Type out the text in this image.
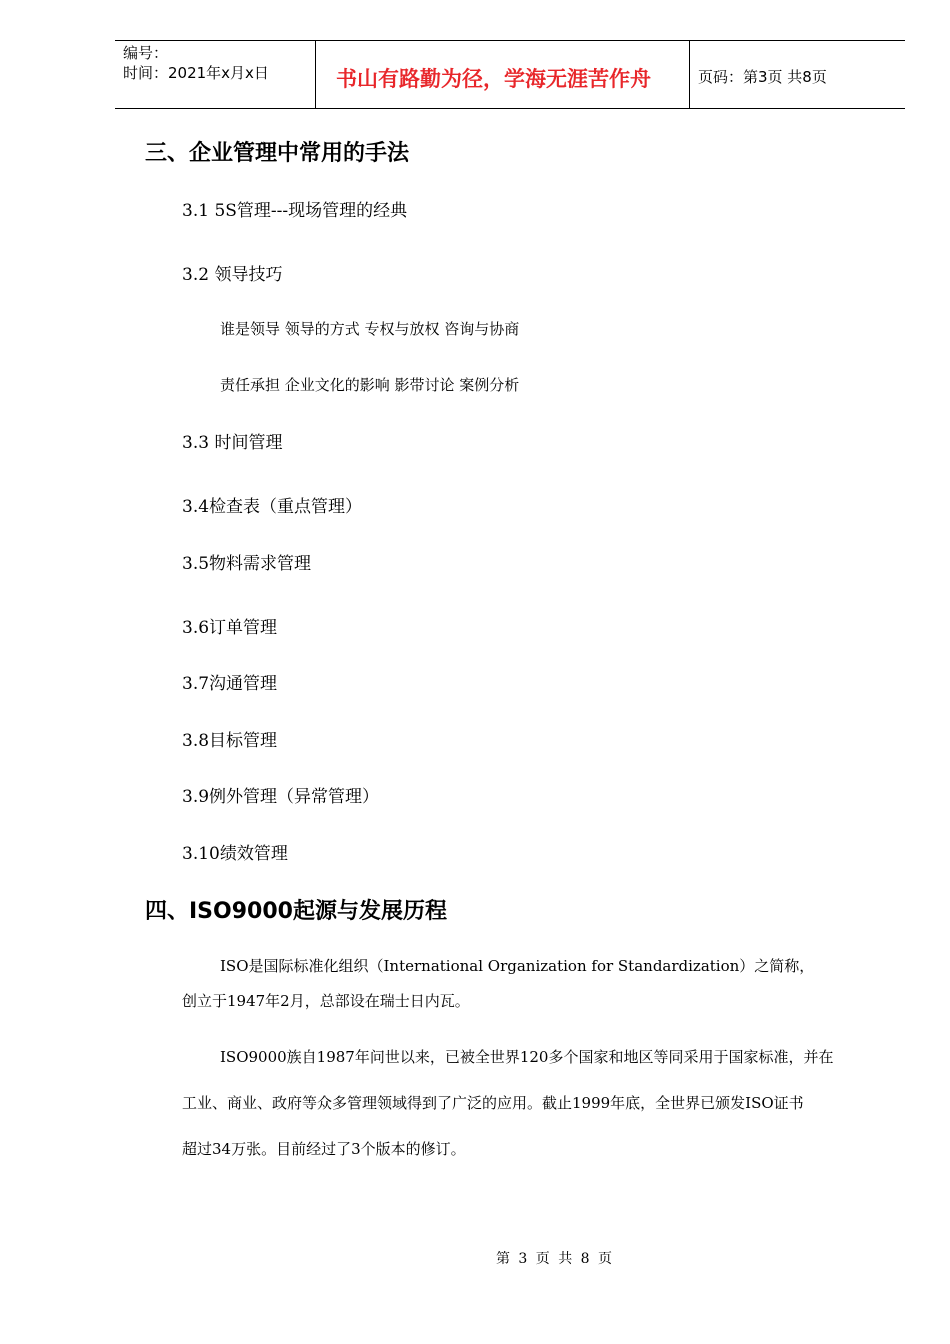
编号：
时间：2021年x月x日	书山有路勤为径，学海无涯苦作舟	页码：第3页 共8页
三、企业管理中常用的手法
3.1 5S管理---现场管理的经典
3.2 领导技巧
谁是领导 领导的方式 专权与放权 咨询与协商
责任承担 企业文化的影响 影带讨论 案例分析
3.3 时间管理
3.4检查表（重点管理）
3.5物料需求管理
3.6订单管理
3.7沟通管理
3.8目标管理
3.9例外管理（异常管理）
3.10绩效管理
四、ISO9000起源与发展历程
ISO是国际标准化组织（International Organization for Standardization）之简称，
创立于1947年2月，总部设在瑞士日内瓦。
ISO9000族自1987年问世以来，已被全世界120多个国家和地区等同采用于国家标准，并在
工业、商业、政府等众多管理领域得到了广泛的应用。截止1999年底，全世界已颁发ISO证书
超过34万张。目前经过了3个版本的修订。
第 3 页 共 8 页
